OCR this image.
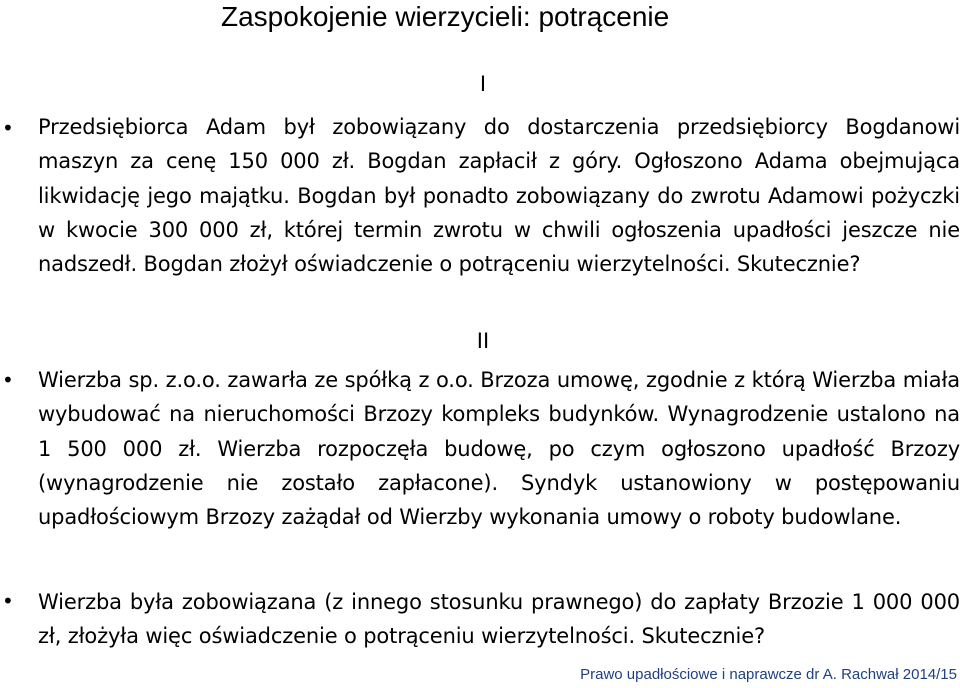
Zaspokojenie wierzycieli: potrącenie
I
• Przedsiębiorca Adam był zobowiązany do dostarczenia przedsiębiorcy Bogdanowi maszyn za cenę 150 000 zł. Bogdan zapłacił z góry. Ogłoszono Adama obejmująca likwidację jego majątku. Bogdan był ponadto zobowiązany do zwrotu Adamowi pożyczki w kwocie 300 000 zł, której termin zwrotu w chwili ogłoszenia upadłości jeszcze nie nadszedł. Bogdan złożył oświadczenie o potrąceniu wierzytelności. Skutecznie?
II
• Wierzba sp. z.o.o. zawarła ze spółką z o.o. Brzoza umowę, zgodnie z którą Wierzba miała wybudować na nieruchomości Brzozy kompleks budynków. Wynagrodzenie ustalono na 1 500 000 zł. Wierzba rozpoczęła budowę, po czym ogłoszono upadłość Brzozy (wynagrodzenie nie zostało zapłacone). Syndyk ustanowiony w postępowaniu upadłościowym Brzozy zażądał od Wierzby wykonania umowy o roboty budowlane.
• Wierzba była zobowiązana (z innego stosunku prawnego) do zapłaty Brzozie 1 000 000 zł, złożyła więc oświadczenie o potrąceniu wierzytelności. Skutecznie?
Prawo upadłościowe i naprawcze dr A. Rachwał 2014/15
